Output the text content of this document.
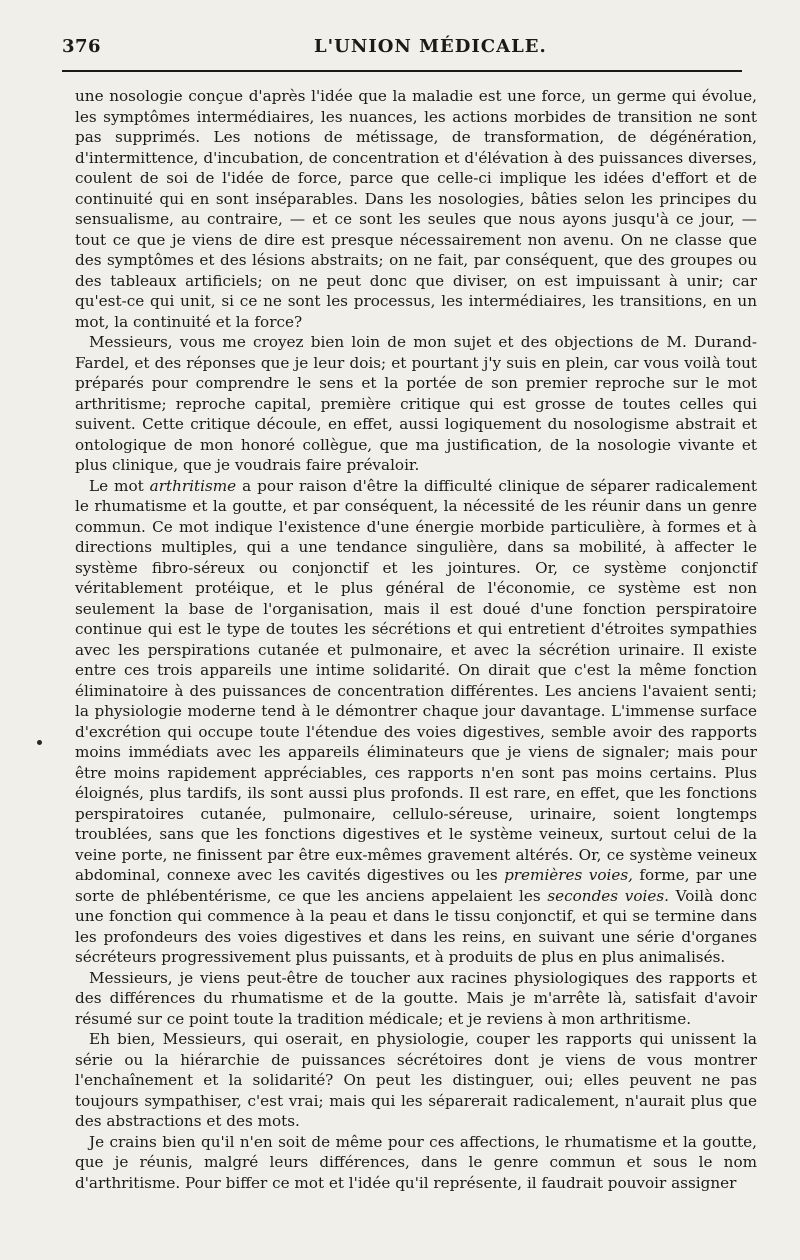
376	L'UNION MÉDICALE.

une nosologie conçue d'après l'idée que la maladie est une force, un germe qui évolue, les symptômes intermédiaires, les nuances, les actions morbides de transition ne sont pas supprimés. Les notions de métissage, de transformation, de dégénération, d'intermittence, d'incubation, de concentration et d'élévation à des puissances diverses, coulent de soi de l'idée de force, parce que celle-ci implique les idées d'effort et de continuité qui en sont inséparables. Dans les nosologies, bâties selon les principes du sensualisme, au contraire, — et ce sont les seules que nous ayons jusqu'à ce jour, — tout ce que je viens de dire est presque nécessairement non avenu. On ne classe que des symptômes et des lésions abstraits; on ne fait, par conséquent, que des groupes ou des tableaux artificiels; on ne peut donc que diviser, on est impuissant à unir; car qu'est-ce qui unit, si ce ne sont les processus, les intermédiaires, les transitions, en un mot, la continuité et la force?

Messieurs, vous me croyez bien loin de mon sujet et des objections de M. Durand-Fardel, et des réponses que je leur dois; et pourtant j'y suis en plein, car vous voilà tout préparés pour comprendre le sens et la portée de son premier reproche sur le mot arthritisme; reproche capital, première critique qui est grosse de toutes celles qui suivent. Cette critique découle, en effet, aussi logiquement du nosologisme abstrait et ontologique de mon honoré collègue, que ma justification, de la nosologie vivante et plus clinique, que je voudrais faire prévaloir.

Le mot arthritisme a pour raison d'être la difficulté clinique de séparer radicalement le rhumatisme et la goutte, et par conséquent, la nécessité de les réunir dans un genre commun. Ce mot indique l'existence d'une énergie morbide particulière, à formes et à directions multiples, qui a une tendance singulière, dans sa mobilité, à affecter le système fibro-séreux ou conjonctif et les jointures. Or, ce système conjonctif véritablement protéique, et le plus général de l'économie, ce système est non seulement la base de l'organisation, mais il est doué d'une fonction perspiratoire continue qui est le type de toutes les sécrétions et qui entretient d'étroites sympathies avec les perspirations cutanée et pulmonaire, et avec la sécrétion urinaire. Il existe entre ces trois appareils une intime solidarité. On dirait que c'est la même fonction éliminatoire à des puissances de concentration différentes. Les anciens l'avaient senti; la physiologie moderne tend à le démontrer chaque jour davantage. L'immense surface d'excrétion qui occupe toute l'étendue des voies digestives, semble avoir des rapports moins immédiats avec les appareils éliminateurs que je viens de signaler; mais pour être moins rapidement appréciables, ces rapports n'en sont pas moins certains. Plus éloignés, plus tardifs, ils sont aussi plus profonds. Il est rare, en effet, que les fonctions perspiratoires cutanée, pulmonaire, cellulo-séreuse, urinaire, soient longtemps troublées, sans que les fonctions digestives et le système veineux, surtout celui de la veine porte, ne finissent par être eux-mêmes gravement altérés. Or, ce système veineux abdominal, connexe avec les cavités digestives ou les premières voies, forme, par une sorte de phlébentérisme, ce que les anciens appelaient les secondes voies. Voilà donc une fonction qui commence à la peau et dans le tissu conjonctif, et qui se termine dans les profondeurs des voies digestives et dans les reins, en suivant une série d'organes sécréteurs progressivement plus puissants, et à produits de plus en plus animalisés.

Messieurs, je viens peut-être de toucher aux racines physiologiques des rapports et des différences du rhumatisme et de la goutte. Mais je m'arrête là, satisfait d'avoir résumé sur ce point toute la tradition médicale; et je reviens à mon arthritisme.

Eh bien, Messieurs, qui oserait, en physiologie, couper les rapports qui unissent la série ou la hiérarchie de puissances sécrétoires dont je viens de vous montrer l'enchaînement et la solidarité? On peut les distinguer, oui; elles peuvent ne pas toujours sympathiser, c'est vrai; mais qui les séparerait radicalement, n'aurait plus que des abstractions et des mots.

Je crains bien qu'il n'en soit de même pour ces affections, le rhumatisme et la goutte, que je réunis, malgré leurs différences, dans le genre commun et sous le nom d'arthritisme. Pour biffer ce mot et l'idée qu'il représente, il faudrait pouvoir assigner
